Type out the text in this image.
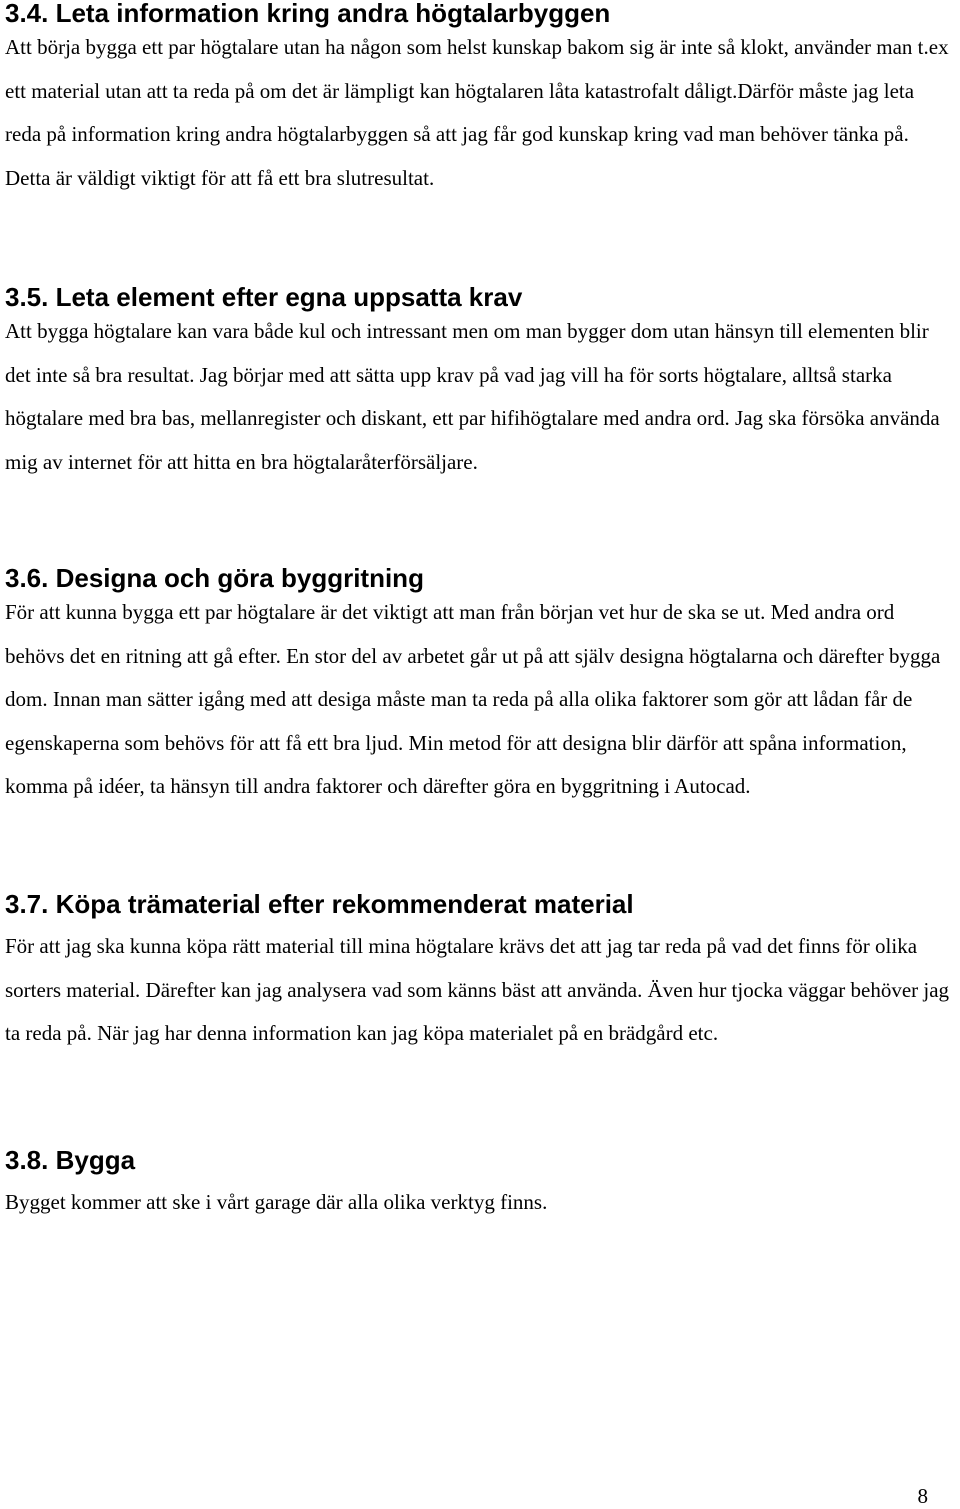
3.4. Leta information kring andra högtalarbyggen

Att börja bygga ett par högtalare utan ha någon som helst kunskap bakom sig är inte så klokt, använder man t.ex ett material utan att ta reda på om det är lämpligt kan högtalaren låta katastrofalt dåligt.Därför måste jag leta reda på information kring andra högtalarbyggen så att jag får god kunskap kring vad man behöver tänka på. Detta är väldigt viktigt för att få ett bra slutresultat.

3.5. Leta element efter egna uppsatta krav

Att bygga högtalare kan vara både kul och intressant men om man bygger dom utan hänsyn till elementen blir det inte så bra resultat. Jag börjar med att sätta upp krav på vad jag vill ha för sorts högtalare, alltså starka högtalare med bra bas, mellanregister och diskant, ett par hifihögtalare med andra ord. Jag ska försöka använda mig av internet för att hitta en bra högtalaråterförsäljare.

3.6. Designa och göra byggritning

För att kunna bygga ett par högtalare är det viktigt att man från början vet hur de ska se ut. Med andra ord behövs det en ritning att gå efter. En stor del av arbetet går ut på att själv designa högtalarna och därefter bygga dom. Innan man sätter igång med att desiga måste man ta reda på alla olika faktorer som gör att lådan får de egenskaperna som behövs för att få ett bra ljud. Min metod för att designa blir därför att spåna information, komma på idéer, ta hänsyn till andra faktorer och därefter göra en byggritning i Autocad.

3.7. Köpa trämaterial efter rekommenderat material

För att jag ska kunna köpa rätt material till mina högtalare krävs det att jag tar reda på vad det finns för olika sorters material. Därefter kan jag analysera vad som känns bäst att använda. Även hur tjocka väggar behöver jag ta reda på. När jag har denna information kan jag köpa materialet på en brädgård etc.

3.8. Bygga

Bygget kommer att ske i vårt garage där alla olika verktyg finns.

8
